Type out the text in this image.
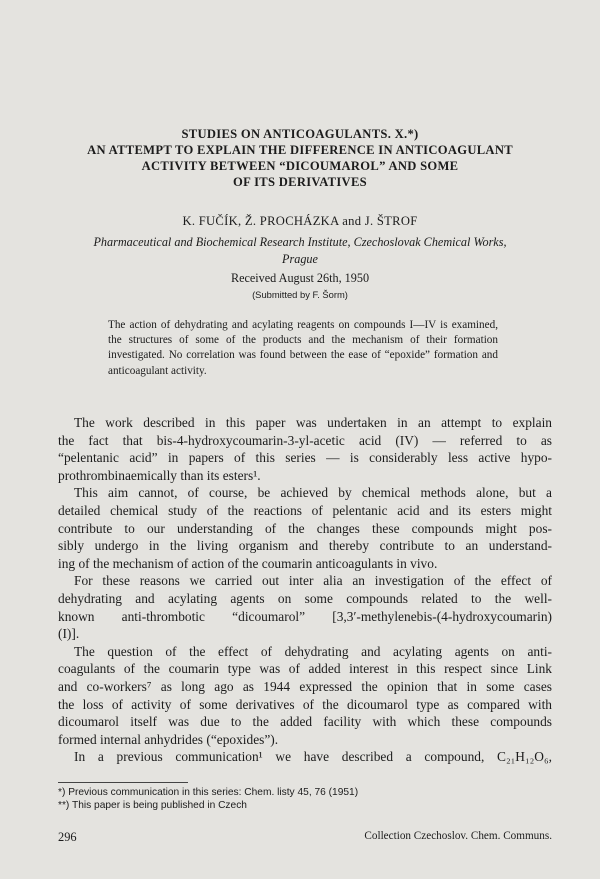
STUDIES ON ANTICOAGULANTS. X.*)
AN ATTEMPT TO EXPLAIN THE DIFFERENCE IN ANTICOAGULANT
ACTIVITY BETWEEN “DICOUMAROL” AND SOME
OF ITS DERIVATIVES
K. FUČÍK, Ž. PROCHÁZKA and J. ŠTROF
Pharmaceutical and Biochemical Research Institute, Czechoslovak Chemical Works,
Prague
Received August 26th, 1950
(Submitted by F. Šorm)
The action of dehydrating and acylating reagents on compounds I—IV is examined, the structures of some of the products and the mechanism of their formation investigated. No correlation was found between the ease of “epoxide” formation and anticoagulant activity.

The work described in this paper was undertaken in an attempt to explain
the fact that bis-4-hydroxycoumarin-3-yl-acetic acid (IV) — referred to as
“pelentanic acid” in papers of this series — is considerably less active hypo-
prothrombinaemically than its esters¹.

This aim cannot, of course, be achieved by chemical methods alone, but a
detailed chemical study of the reactions of pelentanic acid and its esters might
contribute to our understanding of the changes these compounds might pos-
sibly undergo in the living organism and thereby contribute to an understand-
ing of the mechanism of action of the coumarin anticoagulants in vivo.

For these reasons we carried out inter alia an investigation of the effect of
dehydrating and acylating agents on some compounds related to the well-
known anti-thrombotic “dicoumarol” [3,3′-methylenebis-(4-hydroxycoumarin)
(I)].

The question of the effect of dehydrating and acylating agents on anti-
coagulants of the coumarin type was of added interest in this respect since Link
and co-workers⁷ as long ago as 1944 expressed the opinion that in some cases
the loss of activity of some derivatives of the dicoumarol type as compared with
dicoumarol itself was due to the added facility with which these compounds
formed internal anhydrides (“epoxides”).

In a previous communication¹ we have described a compound, C₂₁H₁₂O₆,

*) Previous communication in this series: Chem. listy 45, 76 (1951)
**) This paper is being published in Czech
296	Collection Czechoslov. Chem. Communs.
